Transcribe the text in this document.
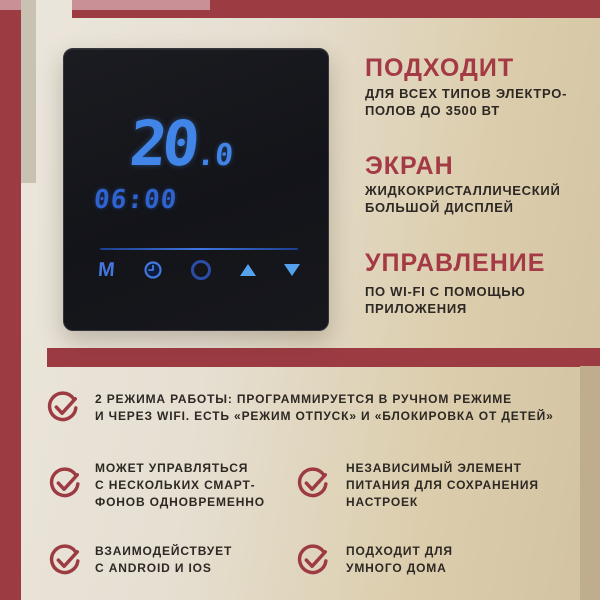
20
.0
06:00
M
ПОДХОДИТ
ДЛЯ ВСЕХ ТИПОВ ЭЛЕКТРО-
ПОЛОВ ДО 3500 ВТ
ЭКРАН
ЖИДКОКРИСТАЛЛИЧЕСКИЙ
БОЛЬШОЙ ДИСПЛЕЙ
УПРАВЛЕНИЕ
ПО WI-FI С ПОМОЩЬЮ
ПРИЛОЖЕНИЯ
2 РЕЖИМА РАБОТЫ: ПРОГРАММИРУЕТСЯ В РУЧНОМ РЕЖИМЕ
И ЧЕРЕЗ WIFI. ЕСТЬ «РЕЖИМ ОТПУСК» И «БЛОКИРОВКА ОТ ДЕТЕЙ»
МОЖЕТ УПРАВЛЯТЬСЯ
С НЕСКОЛЬКИХ СМАРТ-
ФОНОВ ОДНОВРЕМЕННО
НЕЗАВИСИМЫЙ ЭЛЕМЕНТ
ПИТАНИЯ ДЛЯ СОХРАНЕНИЯ
НАСТРОЕК
ВЗАИМОДЕЙСТВУЕТ
С ANDROID И IOS
ПОДХОДИТ ДЛЯ
УМНОГО ДОМА
